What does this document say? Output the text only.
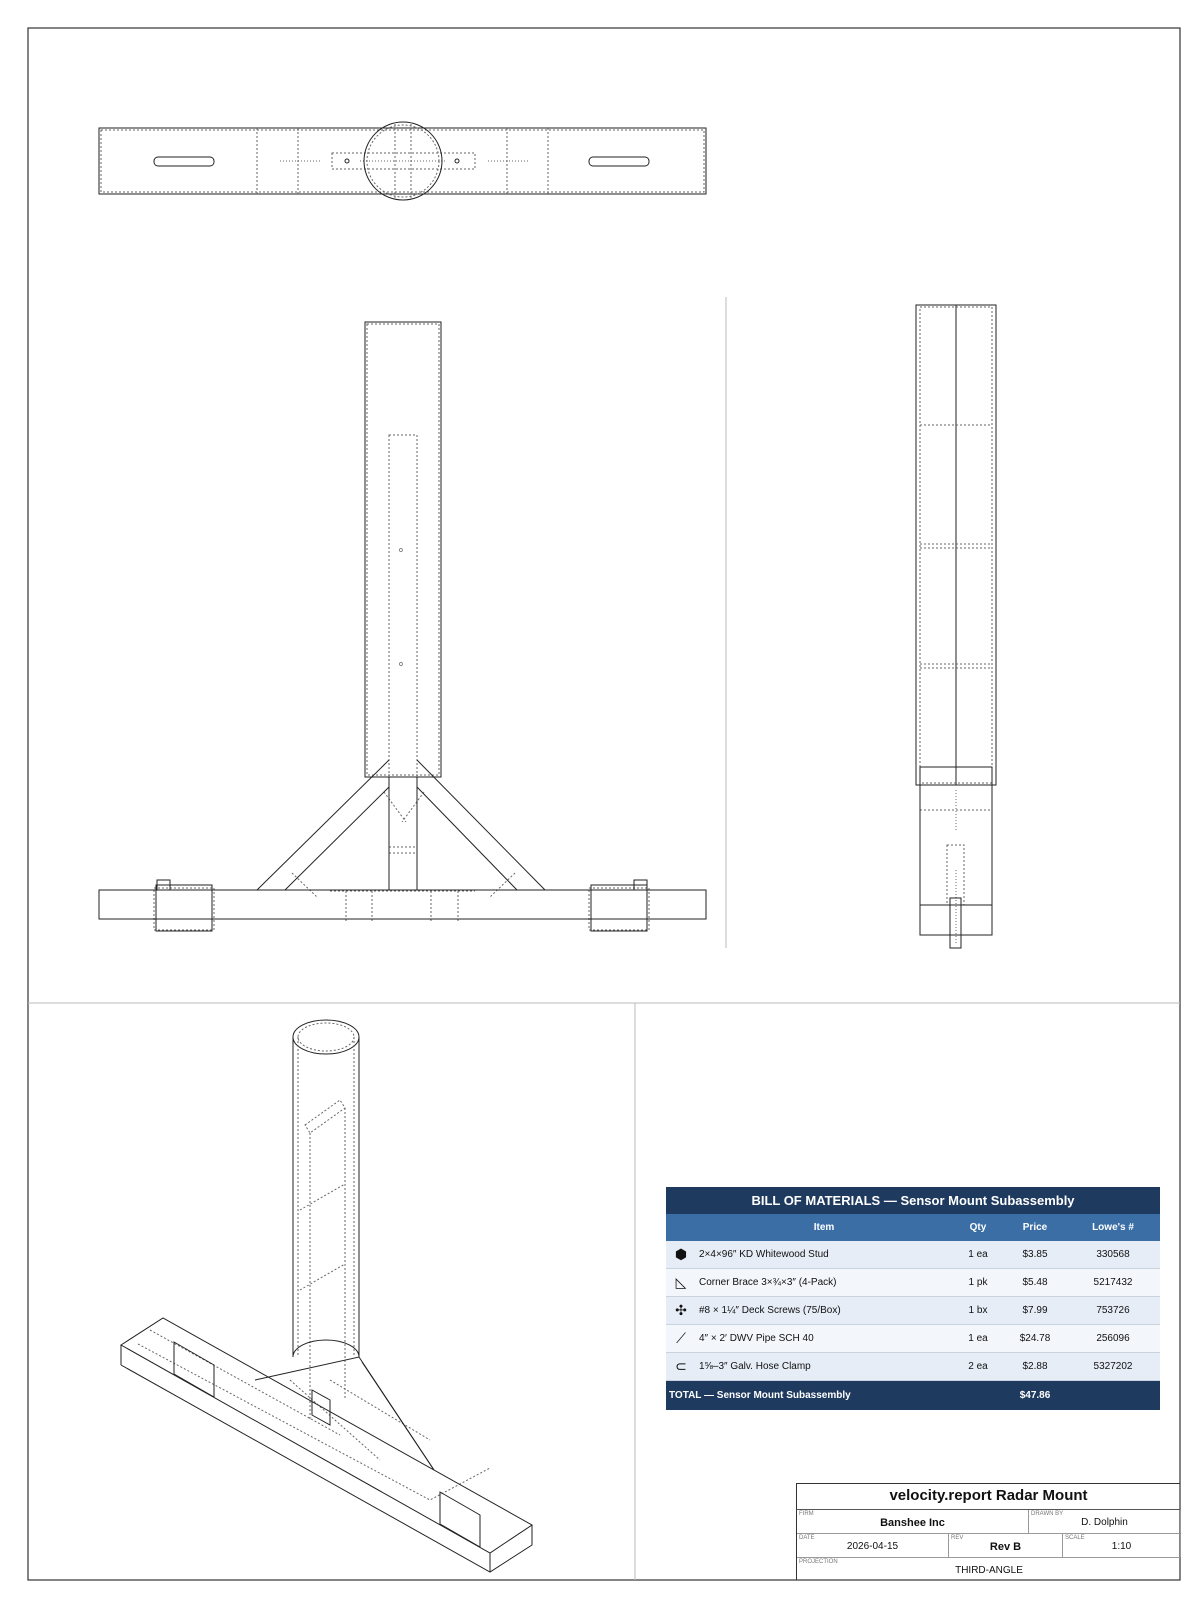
o
o
BILL OF MATERIALS — Sensor Mount Subassembly				
	Item	Qty	Price	Lowe's #
⬢	2×4×96″ KD Whitewood Stud	1 ea	$3.85	330568
◺	Corner Brace 3×¾×3″ (4-Pack)	1 pk	$5.48	5217432
✣	#8 × 1¼″ Deck Screws (75/Box)	1 bx	$7.99	753726
⟋	4″ × 2′ DWV Pipe SCH 40	1 ea	$24.78	256096
⊂	1⅝–3″ Galv. Hose Clamp	2 ea	$2.88	5327202
TOTAL — Sensor Mount Subassembly			$47.86	
velocity.report Radar Mount
FIRM
Banshee Inc
DRAWN BY
D. Dolphin
DATE
2026-04-15
REV
Rev B
SCALE
1:10
PROJECTION
THIRD-ANGLE
